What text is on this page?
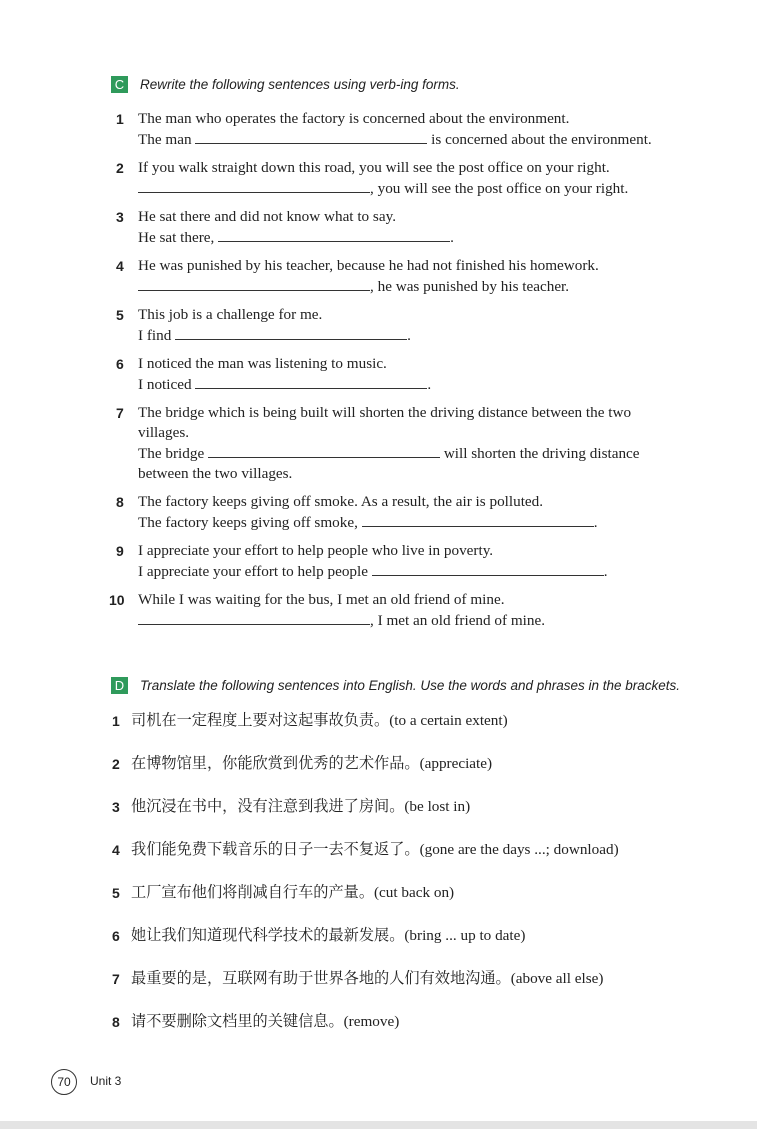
C Rewrite the following sentences using verb-ing forms.
1 The man who operates the factory is concerned about the environment.
The man	is concerned about the environment.
2 If you walk straight down this road, you will see the post office on your right.
, you will see the post office on your right.
3 He sat there and did not know what to say.
He sat there,	.
4 He was punished by his teacher, because he had not finished his homework.
, he was punished by his teacher.
5 This job is a challenge for me.
I find	.
6 I noticed the man was listening to music.
I noticed	.
7 The bridge which is being built will shorten the driving distance between the two villages.
The bridge	will shorten the driving distance between the two villages.
8 The factory keeps giving off smoke. As a result, the air is polluted.
The factory keeps giving off smoke,	.
9 I appreciate your effort to help people who live in poverty.
I appreciate your effort to help people	.
10 While I was waiting for the bus, I met an old friend of mine.
, I met an old friend of mine.
D Translate the following sentences into English. Use the words and phrases in the brackets.
1 司机在一定程度上要对这起事故负责。(to a certain extent)
2 在博物馆里，你能欣赏到优秀的艺术作品。(appreciate)
3 他沉浸在书中，没有注意到我进了房间。(be lost in)
4 我们能免费下载音乐的日子一去不复返了。(gone are the days ...; download)
5 工厂宣布他们将削减自行车的产量。(cut back on)
6 她让我们知道现代科学技术的最新发展。(bring ... up to date)
7 最重要的是，互联网有助于世界各地的人们有效地沟通。(above all else)
8 请不要删除文档里的关键信息。(remove)
70	Unit 3
